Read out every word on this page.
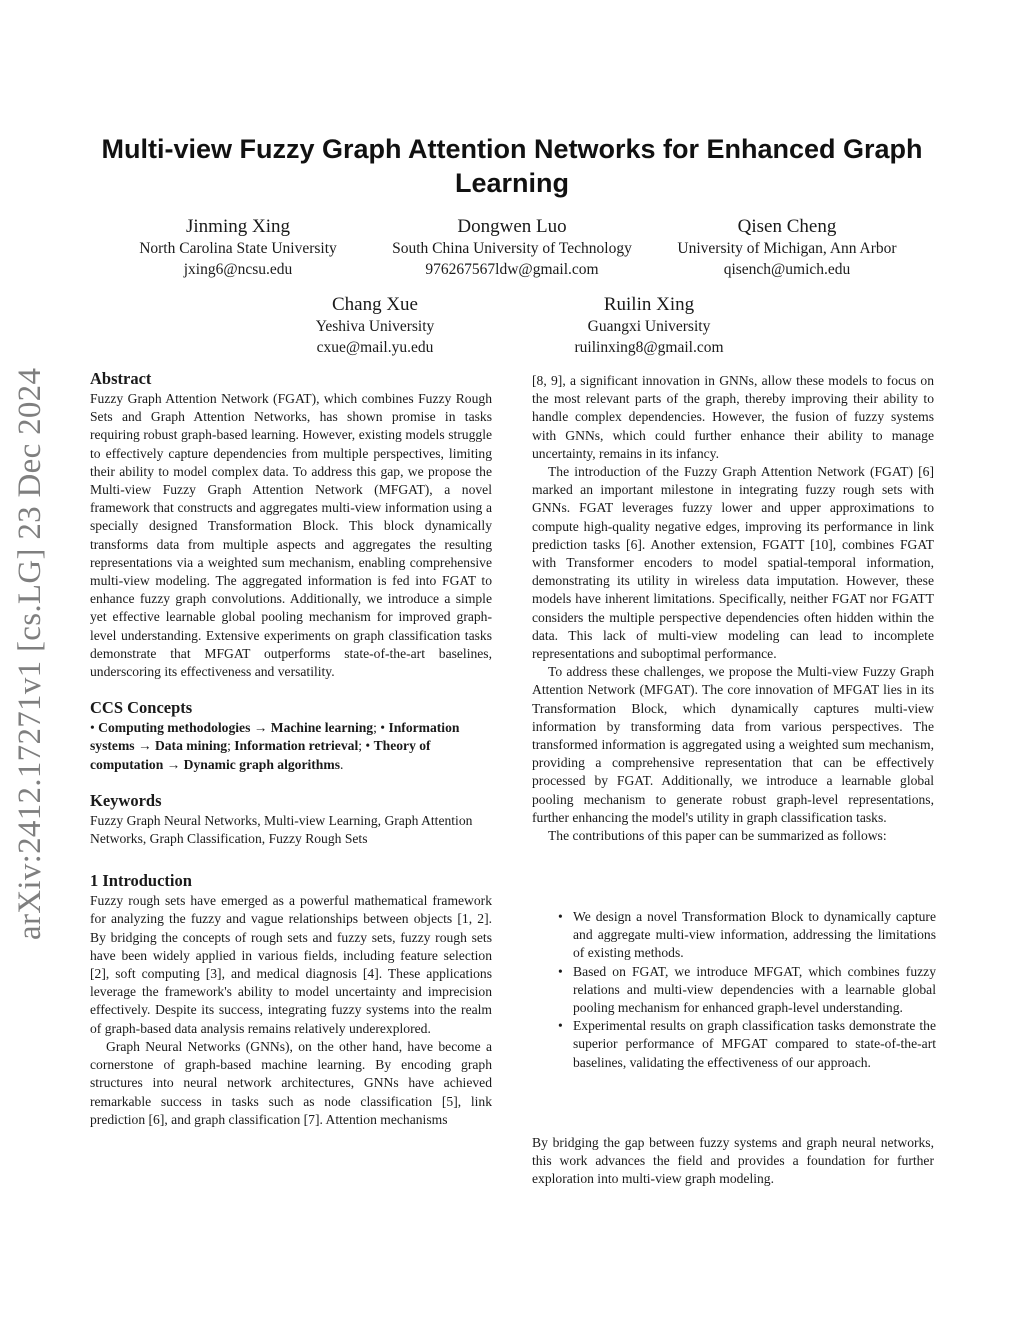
arXiv:2412.17271v1 [cs.LG] 23 Dec 2024
Multi-view Fuzzy Graph Attention Networks for Enhanced Graph Learning
Jinming Xing
North Carolina State University
jxing6@ncsu.edu
Dongwen Luo
South China University of Technology
976267567ldw@gmail.com
Qisen Cheng
University of Michigan, Ann Arbor
qisench@umich.edu
Chang Xue
Yeshiva University
cxue@mail.yu.edu
Ruilin Xing
Guangxi University
ruilinxing8@gmail.com
Abstract

Fuzzy Graph Attention Network (FGAT), which combines Fuzzy Rough Sets and Graph Attention Networks, has shown promise in tasks requiring robust graph-based learning. However, existing models struggle to effectively capture dependencies from multiple perspectives, limiting their ability to model complex data. To address this gap, we propose the Multi-view Fuzzy Graph Attention Network (MFGAT), a novel framework that constructs and aggregates multi-view information using a specially designed Transformation Block. This block dynamically transforms data from multiple aspects and aggregates the resulting representations via a weighted sum mechanism, enabling comprehensive multi-view modeling. The aggregated information is fed into FGAT to enhance fuzzy graph convolutions. Additionally, we introduce a simple yet effective learnable global pooling mechanism for improved graph-level understanding. Extensive experiments on graph classification tasks demonstrate that MFGAT outperforms state-of-the-art baselines, underscoring its effectiveness and versatility.

CCS Concepts

• Computing methodologies → Machine learning; • Information systems → Data mining; Information retrieval; • Theory of computation → Dynamic graph algorithms.

Keywords

Fuzzy Graph Neural Networks, Multi-view Learning, Graph Attention Networks, Graph Classification, Fuzzy Rough Sets

1 Introduction

Fuzzy rough sets have emerged as a powerful mathematical framework for analyzing the fuzzy and vague relationships between objects [1, 2]. By bridging the concepts of rough sets and fuzzy sets, fuzzy rough sets have been widely applied in various fields, including feature selection [2], soft computing [3], and medical diagnosis [4]. These applications leverage the framework's ability to model uncertainty and imprecision effectively. Despite its success, integrating fuzzy systems into the realm of graph-based data analysis remains relatively underexplored.

Graph Neural Networks (GNNs), on the other hand, have become a cornerstone of graph-based machine learning. By encoding graph structures into neural network architectures, GNNs have achieved remarkable success in tasks such as node classification [5], link prediction [6], and graph classification [7]. Attention mechanisms

[8, 9], a significant innovation in GNNs, allow these models to focus on the most relevant parts of the graph, thereby improving their ability to handle complex dependencies. However, the fusion of fuzzy systems with GNNs, which could further enhance their ability to manage uncertainty, remains in its infancy.

The introduction of the Fuzzy Graph Attention Network (FGAT) [6] marked an important milestone in integrating fuzzy rough sets with GNNs. FGAT leverages fuzzy lower and upper approximations to compute high-quality negative edges, improving its performance in link prediction tasks [6]. Another extension, FGATT [10], combines FGAT with Transformer encoders to model spatial-temporal information, demonstrating its utility in wireless data imputation. However, these models have inherent limitations. Specifically, neither FGAT nor FGATT considers the multiple perspective dependencies often hidden within the data. This lack of multi-view modeling can lead to incomplete representations and suboptimal performance.

To address these challenges, we propose the Multi-view Fuzzy Graph Attention Network (MFGAT). The core innovation of MFGAT lies in its Transformation Block, which dynamically captures multi-view information by transforming data from various perspectives. The transformed information is aggregated using a weighted sum mechanism, providing a comprehensive representation that can be effectively processed by FGAT. Additionally, we introduce a learnable global pooling mechanism to generate robust graph-level representations, further enhancing the model's utility in graph classification tasks.

The contributions of this paper can be summarized as follows:

• We design a novel Transformation Block to dynamically capture and aggregate multi-view information, addressing the limitations of existing methods.
• Based on FGAT, we introduce MFGAT, which combines fuzzy relations and multi-view dependencies with a learnable global pooling mechanism for enhanced graph-level understanding.
• Experimental results on graph classification tasks demonstrate the superior performance of MFGAT compared to state-of-the-art baselines, validating the effectiveness of our approach.

By bridging the gap between fuzzy systems and graph neural networks, this work advances the field and provides a foundation for further exploration into multi-view graph modeling.
